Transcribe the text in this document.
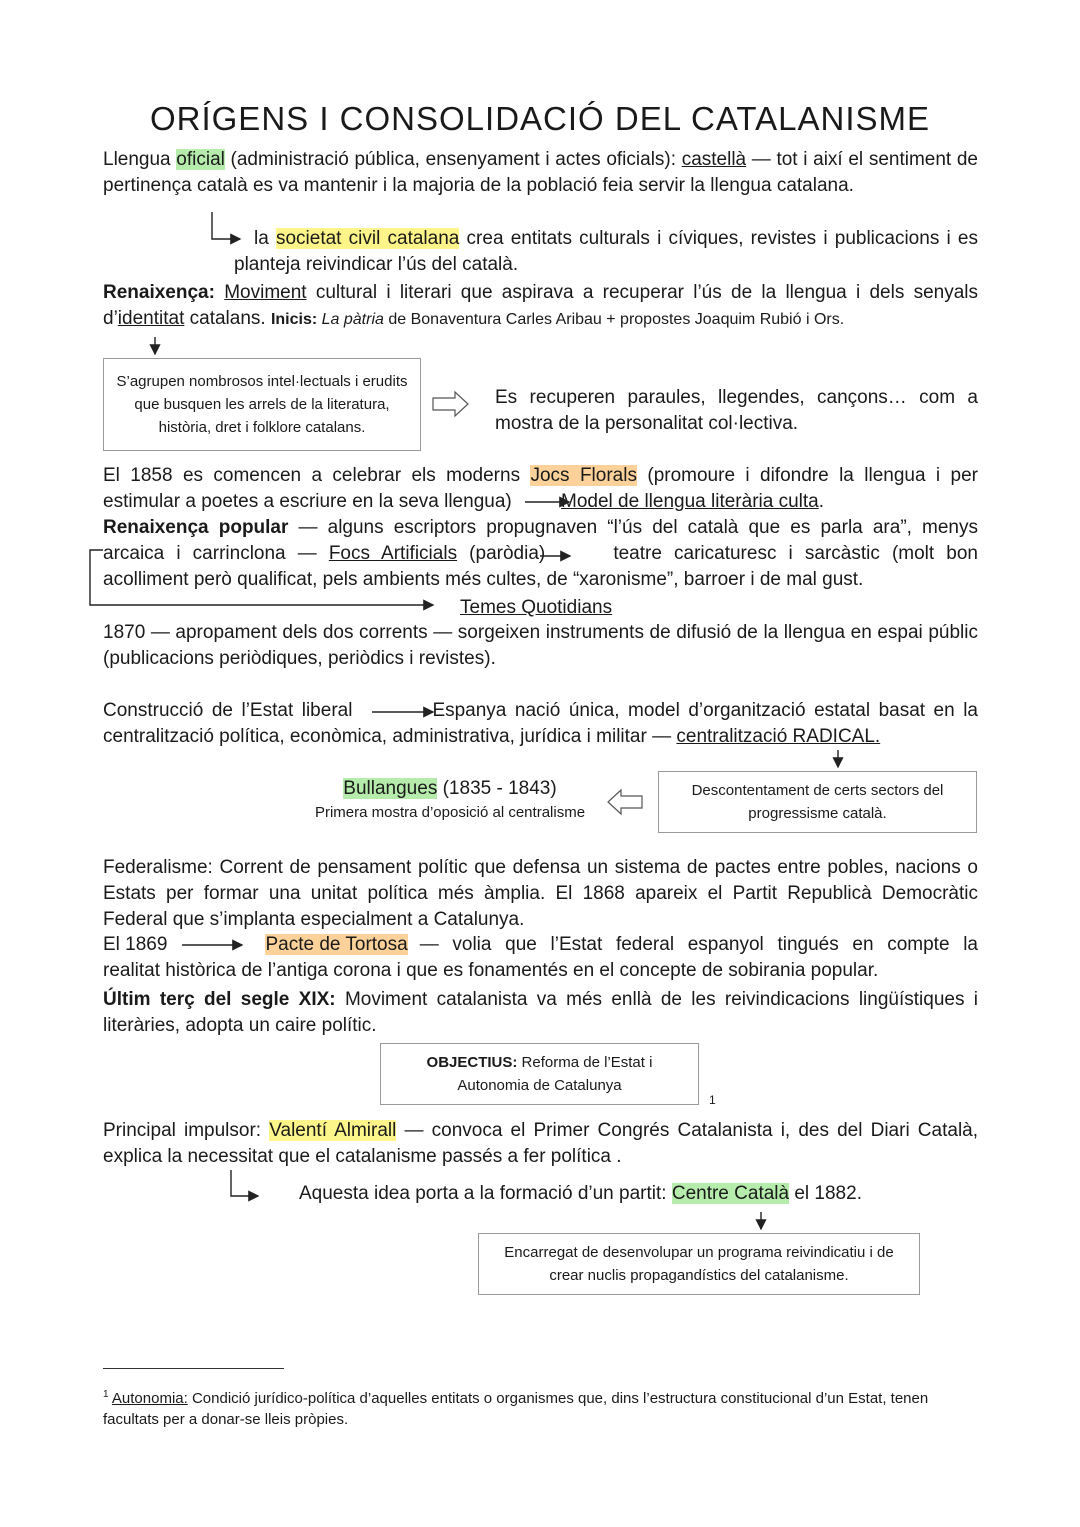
ORÍGENS I CONSOLIDACIÓ DEL CATALANISME
Llengua oficial (administració pública, ensenyament i actes oficials): castellà — tot i així el sentiment de pertinença català es va mantenir i la majoria de la població feia servir la llengua catalana.
la societat civil catalana crea entitats culturals i cíviques, revistes i publicacions i es planteja reivindicar l’ús del català.
Renaixença: Moviment cultural i literari que aspirava a recuperar l’ús de la llengua i dels senyals d’identitat catalans. Inicis: La pàtria de Bonaventura Carles Aribau + propostes Joaquim Rubió i Ors.
S’agrupen nombrosos intel·lectuals i erudits que busquen les arrels de la literatura, història, dret i folklore catalans.
Es recuperen paraules, llegendes, cançons… com a mostra de la personalitat col·lectiva.
El 1858 es comencen a celebrar els moderns Jocs Florals (promoure i difondre la llengua i per estimular a poetes a escriure en la seva llengua) Model de llengua literària culta.
Renaixença popular — alguns escriptors propugnaven “l’ús del català que es parla ara”, menys arcaica i carrinclona — Focs Artificials (paròdia)	teatre caricaturesc i sarcàstic (molt bon acolliment però qualificat, pels ambients més cultes, de “xaronisme”, barroer i de mal gust.
Temes Quotidians
1870 — apropament dels dos corrents — sorgeixen instruments de difusió de la llengua en espai públic (publicacions periòdiques, periòdics i revistes).
Construcció de l’Estat liberal	Espanya nació única, model d’organització estatal basat en la centralització política, econòmica, administrativa, jurídica i militar — centralització RADICAL.
Bullangues (1835 - 1843)
Primera mostra d’oposició al centralisme
Descontentament de certs sectors del progressisme català.
Federalisme: Corrent de pensament polític que defensa un sistema de pactes entre pobles, nacions o Estats per formar una unitat política més àmplia. El 1868 apareix el Partit Republicà Democràtic Federal que s’implanta especialment a Catalunya.
El 1869	Pacte de Tortosa — volia que l’Estat federal espanyol tingués en compte la
realitat històrica de l’antiga corona i que es fonamentés en el concepte de sobirania popular.
Últim terç del segle XIX: Moviment catalanista va més enllà de les reivindicacions lingüístiques i literàries, adopta un caire polític.
OBJECTIUS: Reforma de l’Estat i
Autonomia de Catalunya
1
Principal impulsor: Valentí Almirall — convoca el Primer Congrés Catalanista i, des del Diari Català, explica la necessitat que el catalanisme passés a fer política .
Aquesta idea porta a la formació d’un partit: Centre Català el 1882.
Encarregat de desenvolupar un programa reivindicatiu i de crear nuclis propagandístics del catalanisme.
$^1$ Autonomia: Condició jurídico-política d’aquelles entitats o organismes que, dins l’estructura constitucional d’un Estat, tenen facultats per a donar-se lleis pròpies.
